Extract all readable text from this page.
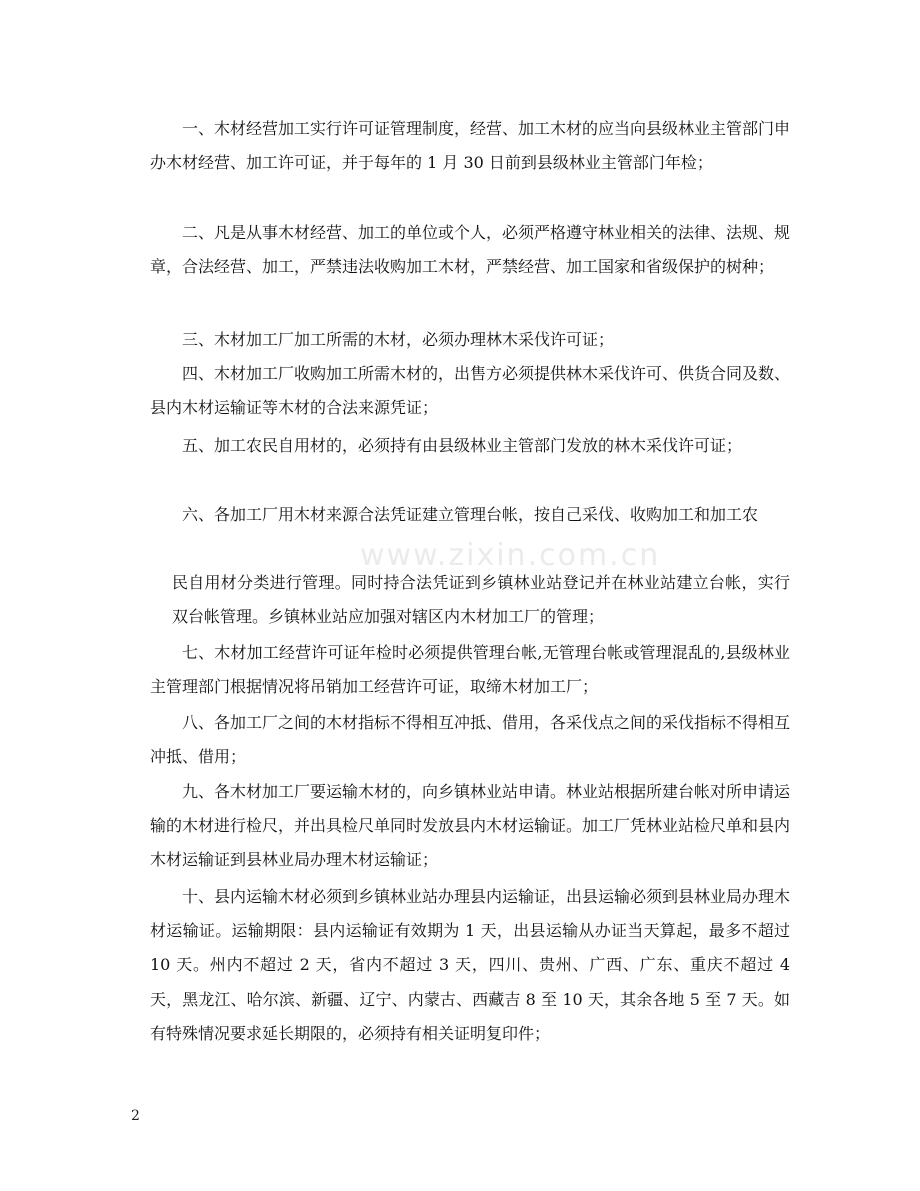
www.zixin.com.cn

一、木材经营加工实行许可证管理制度，经营、加工木材的应当向县级林业主管部门申办木材经营、加工许可证，并于每年的 1 月 30 日前到县级林业主管部门年检；

二、凡是从事木材经营、加工的单位或个人，必须严格遵守林业相关的法律、法规、规章，合法经营、加工，严禁违法收购加工木材，严禁经营、加工国家和省级保护的树种；

三、木材加工厂加工所需的木材，必须办理林木采伐许可证；

四、木材加工厂收购加工所需木材的，出售方必须提供林木采伐许可、供货合同及数、县内木材运输证等木材的合法来源凭证；

五、加工农民自用材的，必须持有由县级林业主管部门发放的林木采伐许可证；

六、各加工厂用木材来源合法凭证建立管理台帐，按自己采伐、收购加工和加工农

民自用材分类进行管理。同时持合法凭证到乡镇林业站登记并在林业站建立台帐，实行双台帐管理。乡镇林业站应加强对辖区内木材加工厂的管理；

七、木材加工经营许可证年检时必须提供管理台帐,无管理台帐或管理混乱的,县级林业主管理部门根据情况将吊销加工经营许可证，取缔木材加工厂；

八、各加工厂之间的木材指标不得相互冲抵、借用，各采伐点之间的采伐指标不得相互冲抵、借用；

九、各木材加工厂要运输木材的，向乡镇林业站申请。林业站根据所建台帐对所申请运输的木材进行检尺，并出具检尺单同时发放县内木材运输证。加工厂凭林业站检尺单和县内木材运输证到县林业局办理木材运输证；

十、县内运输木材必须到乡镇林业站办理县内运输证，出县运输必须到县林业局办理木材运输证。运输期限：县内运输证有效期为 1 天，出县运输从办证当天算起，最多不超过 10 天。州内不超过 2 天，省内不超过 3 天，四川、贵州、广西、广东、重庆不超过 4 天，黑龙江、哈尔滨、新疆、辽宁、内蒙古、西藏吉 8 至 10 天，其余各地 5 至 7 天。如有特殊情况要求延长期限的，必须持有相关证明复印件；

2
